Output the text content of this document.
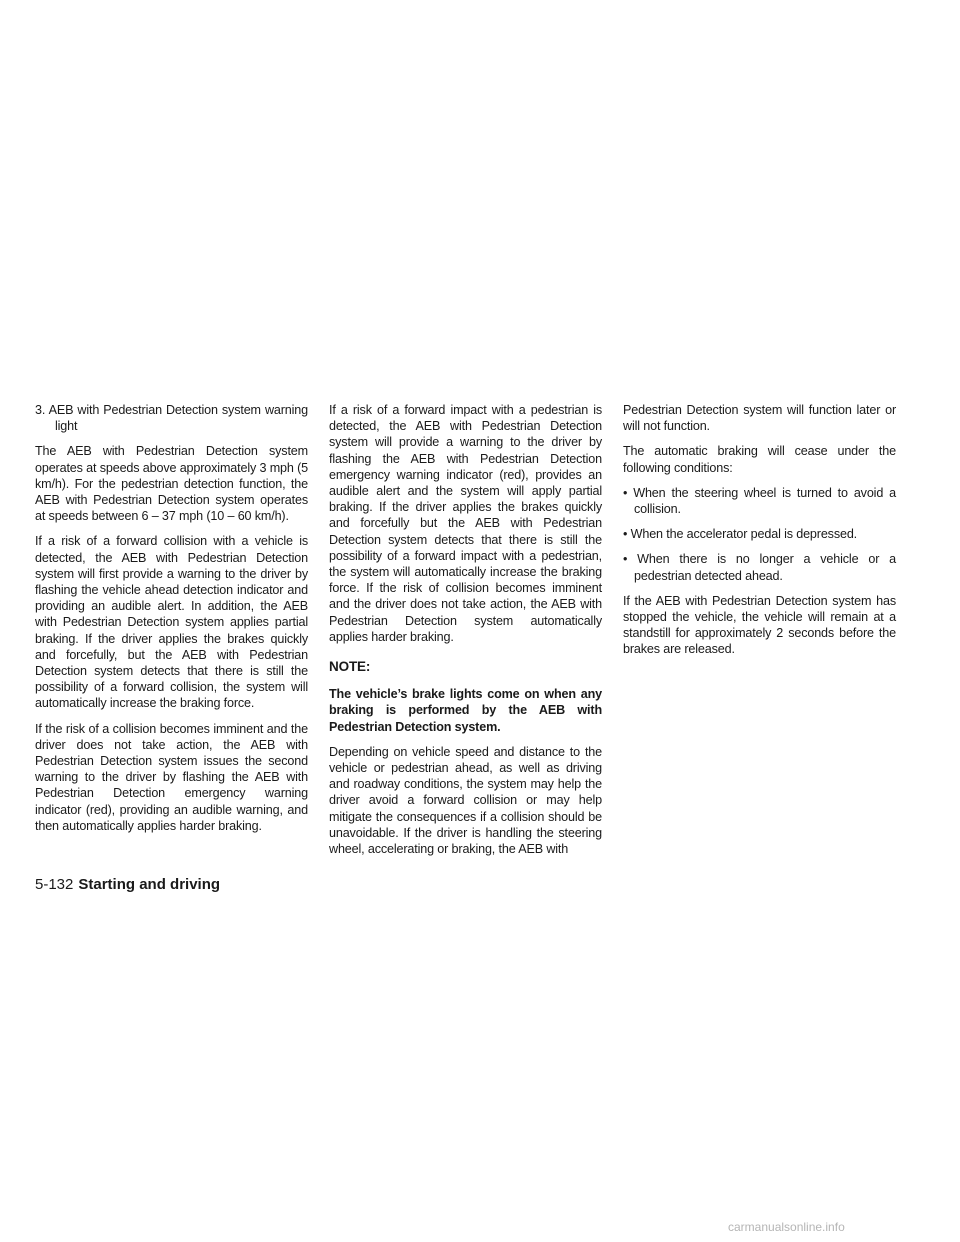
3. AEB with Pedestrian Detection system warning light

The AEB with Pedestrian Detection system operates at speeds above approximately 3 mph (5 km/h). For the pedestrian detection function, the AEB with Pedestrian Detection system operates at speeds between 6 – 37 mph (10 – 60 km/h).

If a risk of a forward collision with a vehicle is detected, the AEB with Pedestrian Detection system will first provide a warning to the driver by flashing the vehicle ahead detection indicator and providing an audible alert. In addition, the AEB with Pedestrian Detection system applies partial braking. If the driver applies the brakes quickly and forcefully, but the AEB with Pedestrian Detection system detects that there is still the possibility of a forward collision, the system will automatically increase the braking force.

If the risk of a collision becomes imminent and the driver does not take action, the AEB with Pedestrian Detection system issues the second warning to the driver by flashing the AEB with Pedestrian Detection emergency warning indicator (red), providing an audible warning, and then automatically applies harder braking.

If a risk of a forward impact with a pedestrian is detected, the AEB with Pedestrian Detection system will provide a warning to the driver by flashing the AEB with Pedestrian Detection emergency warning indicator (red), provides an audible alert and the system will apply partial braking. If the driver applies the brakes quickly and forcefully but the AEB with Pedestrian Detection system detects that there is still the possibility of a forward impact with a pedestrian, the system will automatically increase the braking force. If the risk of collision becomes imminent and the driver does not take action, the AEB with Pedestrian Detection system automatically applies harder braking.

NOTE:

The vehicle’s brake lights come on when any braking is performed by the AEB with Pedestrian Detection system.

Depending on vehicle speed and distance to the vehicle or pedestrian ahead, as well as driving and roadway conditions, the system may help the driver avoid a forward collision or may help mitigate the consequences if a collision should be unavoidable. If the driver is handling the steering wheel, accelerating or braking, the AEB with

Pedestrian Detection system will function later or will not function.

The automatic braking will cease under the following conditions:

• When the steering wheel is turned to avoid a collision.

• When the accelerator pedal is depressed.

• When there is no longer a vehicle or a pedestrian detected ahead.

If the AEB with Pedestrian Detection system has stopped the vehicle, the vehicle will remain at a standstill for approximately 2 seconds before the brakes are released.

5-132 Starting and driving
carmanualsonline.info
